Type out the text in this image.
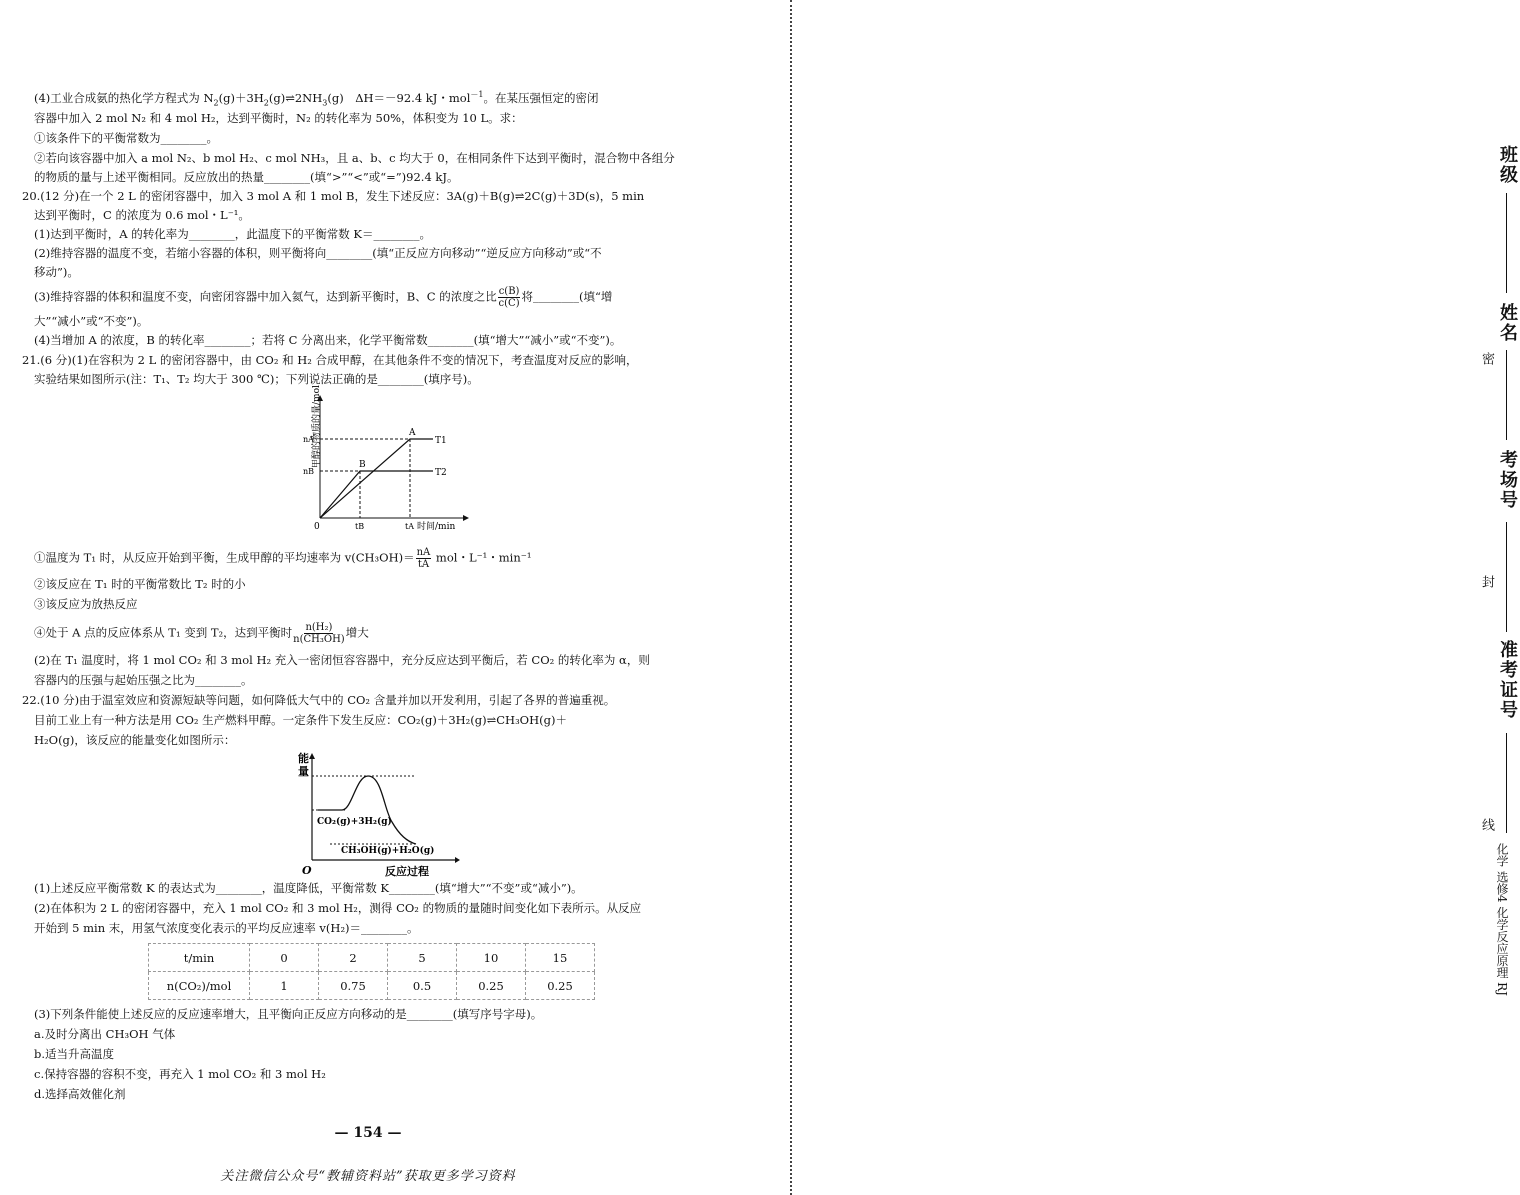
(4)工业合成氨的热化学方程式为 $N_2(g)+3H_2(g)\rightleftharpoons 2NH_3(g)$　ΔH＝－92.4 kJ・mol$^{-1}$。在某压强恒定的密闭
容器中加入 2 mol N₂ 和 4 mol H₂，达到平衡时，N₂ 的转化率为 50%，体积变为 10 L。求：
①该条件下的平衡常数为________。
②若向该容器中加入 a mol N₂、b mol H₂、c mol NH₃，且 a、b、c 均大于 0，在相同条件下达到平衡时，混合物中各组分
的物质的量与上述平衡相同。反应放出的热量________(填“>”“<”或“=”)92.4 kJ。
20.(12 分)在一个 2 L 的密闭容器中，加入 3 mol A 和 1 mol B，发生下述反应：3A(g)＋B(g)⇌2C(g)＋3D(s)，5 min
达到平衡时，C 的浓度为 0.6 mol・L⁻¹。
(1)达到平衡时，A 的转化率为________，此温度下的平衡常数 K＝________。
(2)维持容器的温度不变，若缩小容器的体积，则平衡将向________(填“正反应方向移动”“逆反应方向移动”或“不
移动”)。
(3)维持容器的体积和温度不变，向密闭容器中加入氦气，达到新平衡时，B、C 的浓度之比 $\frac{c(B)}{c(C)}$ 将________(填“增
大”“减小”或“不变”)。
(4)当增加 A 的浓度，B 的转化率________；若将 C 分离出来，化学平衡常数________(填“增大”“减小”或“不变”)。
21.(6 分)(1)在容积为 2 L 的密闭容器中，由 CO₂ 和 H₂ 合成甲醇，在其他条件不变的情况下，考查温度对反应的影响，
实验结果如图所示(注：T₁、T₂ 均大于 300 ℃)；下列说法正确的是________(填序号)。
甲醇的物质的量/mol
nA
nB
0	tB	tA 时间/min
A
B
T1
T2
①温度为 T₁ 时，从反应开始到平衡，生成甲醇的平均速率为 $v(CH_3OH)= \frac{nA}{tA}$ mol・L⁻¹・min⁻¹
②该反应在 T₁ 时的平衡常数比 T₂ 时的小
③该反应为放热反应
④处于 A 点的反应体系从 T₁ 变到 T₂，达到平衡时 $\frac{\text{n(H₂)}}{\text{n(CH₃OH)}}$ 增大
(2)在 T₁ 温度时，将 1 mol CO₂ 和 3 mol H₂ 充入一密闭恒容容器中，充分反应达到平衡后，若 CO₂ 的转化率为 α，则
容器内的压强与起始压强之比为________。
22.(10 分)由于温室效应和资源短缺等问题，如何降低大气中的 CO₂ 含量并加以开发利用，引起了各界的普遍重视。
目前工业上有一种方法是用 CO₂ 生产燃料甲醇。一定条件下发生反应：CO₂(g)＋3H₂(g)⇌CH₃OH(g)＋
H₂O(g)，该反应的能量变化如图所示：
能
量
O	反应过程
CO₂(g)+3H₂(g)
CH₃OH(g)+H₂O(g)
(1)上述反应平衡常数 K 的表达式为________，温度降低，平衡常数 K________(填“增大”“不变”或“减小”)。
(2)在体积为 2 L 的密闭容器中，充入 1 mol CO₂ 和 3 mol H₂，测得 CO₂ 的物质的量随时间变化如下表所示。从反应
开始到 5 min 末，用氢气浓度变化表示的平均反应速率 v(H₂)＝________。
t/min	0	2	5	10	15
n(CO₂)/mol	1	0.75	0.5	0.25	0.25
(3)下列条件能使上述反应的反应速率增大，且平衡向正反应方向移动的是________(填写序号字母)。
a.及时分离出 CH₃OH 气体
b.适当升高温度
c.保持容器的容积不变，再充入 1 mol CO₂ 和 3 mol H₂
d.选择高效催化剂
— 154 —
关注微信公众号“教辅资料站”获取更多学习资料
班级
姓名
密
考场号
封
准考证号
线
化学 选修4 化学反应原理 RJ
